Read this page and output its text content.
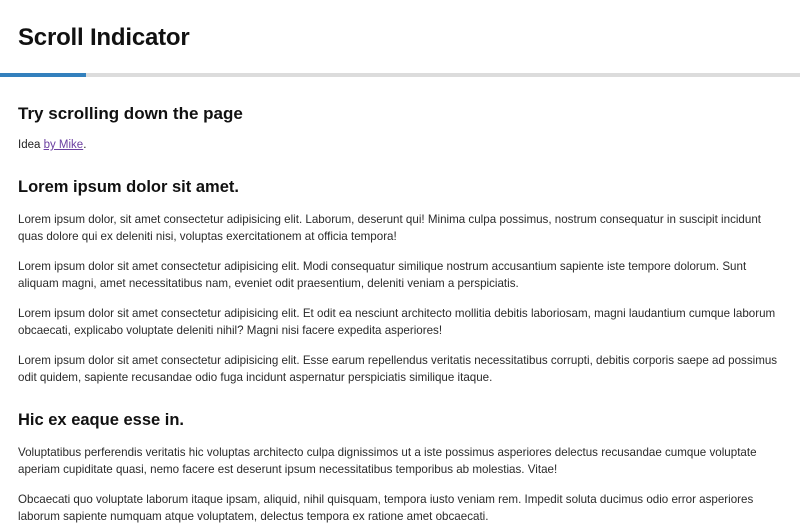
Scroll Indicator
Try scrolling down the page

Idea by Mike.

Lorem ipsum dolor sit amet.

Lorem ipsum dolor, sit amet consectetur adipisicing elit. Laborum, deserunt qui! Minima culpa possimus, nostrum consequatur in suscipit incidunt quas dolore qui ex deleniti nisi, voluptas exercitationem at officia tempora!

Lorem ipsum dolor sit amet consectetur adipisicing elit. Modi consequatur similique nostrum accusantium sapiente iste tempore dolorum. Sunt aliquam magni, amet necessitatibus nam, eveniet odit praesentium, deleniti veniam a perspiciatis.

Lorem ipsum dolor sit amet consectetur adipisicing elit. Et odit ea nesciunt architecto mollitia debitis laboriosam, magni laudantium cumque laborum obcaecati, explicabo voluptate deleniti nihil? Magni nisi facere expedita asperiores!

Lorem ipsum dolor sit amet consectetur adipisicing elit. Esse earum repellendus veritatis necessitatibus corrupti, debitis corporis saepe ad possimus odit quidem, sapiente recusandae odio fuga incidunt aspernatur perspiciatis similique itaque.

Hic ex eaque esse in.

Voluptatibus perferendis veritatis hic voluptas architecto culpa dignissimos ut a iste possimus asperiores delectus recusandae cumque voluptate aperiam cupiditate quasi, nemo facere est deserunt ipsum necessitatibus temporibus ab molestias. Vitae!

Obcaecati quo voluptate laborum itaque ipsam, aliquid, nihil quisquam, tempora iusto veniam rem. Impedit soluta ducimus odio error asperiores laborum sapiente numquam atque voluptatem, delectus tempora ex ratione amet obcaecati.
